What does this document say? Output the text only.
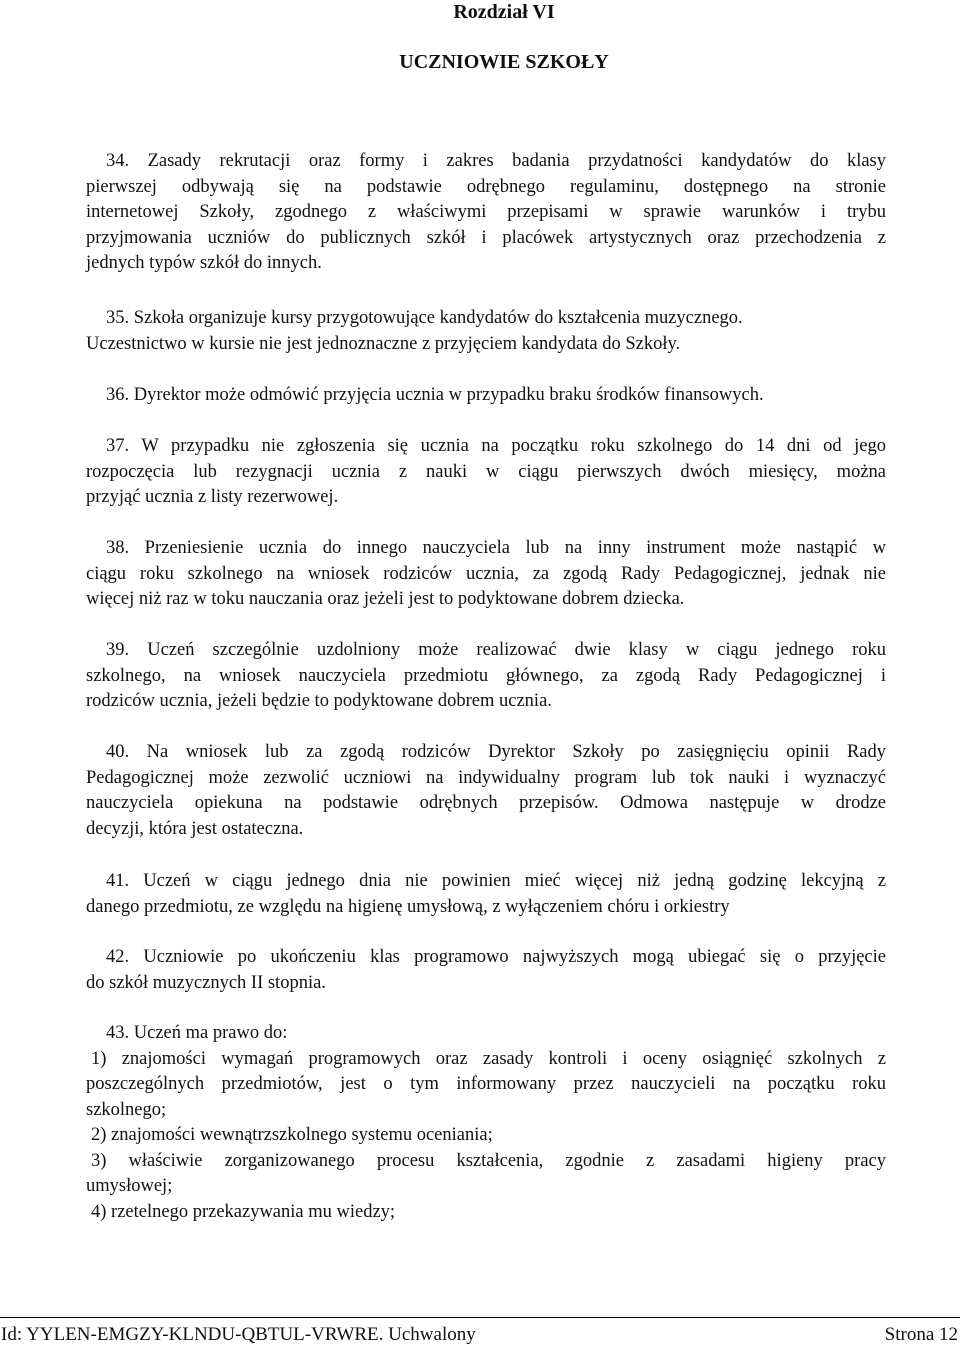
Rozdział VI
UCZNIOWIE SZKOŁY
34. Zasady rekrutacji oraz formy i zakres badania przydatności kandydatów do klasy
pierwszej odbywają się na podstawie odrębnego regulaminu, dostępnego na stronie
internetowej Szkoły, zgodnego z właściwymi przepisami w sprawie warunków i trybu
przyjmowania uczniów do publicznych szkół i placówek artystycznych oraz przechodzenia z
jednych typów szkół do innych.
35. Szkoła organizuje kursy przygotowujące kandydatów do kształcenia muzycznego.
Uczestnictwo w kursie nie jest jednoznaczne z przyjęciem kandydata do Szkoły.
36. Dyrektor może odmówić przyjęcia ucznia w przypadku braku środków finansowych.
37. W przypadku nie zgłoszenia się ucznia na początku roku szkolnego do 14 dni od jego
rozpoczęcia lub rezygnacji ucznia z nauki w ciągu pierwszych dwóch miesięcy, można
przyjąć ucznia z listy rezerwowej.
38. Przeniesienie ucznia do innego nauczyciela lub na inny instrument może nastąpić w
ciągu roku szkolnego na wniosek rodziców ucznia, za zgodą Rady Pedagogicznej, jednak nie
więcej niż raz w toku nauczania oraz jeżeli jest to podyktowane dobrem dziecka.
39. Uczeń szczególnie uzdolniony może realizować dwie klasy w ciągu jednego roku
szkolnego, na wniosek nauczyciela przedmiotu głównego, za zgodą Rady Pedagogicznej i
rodziców ucznia, jeżeli będzie to podyktowane dobrem ucznia.
40. Na wniosek lub za zgodą rodziców Dyrektor Szkoły po zasięgnięciu opinii Rady
Pedagogicznej może zezwolić uczniowi na indywidualny program lub tok nauki i wyznaczyć
nauczyciela opiekuna na podstawie odrębnych przepisów. Odmowa następuje w drodze
decyzji, która jest ostateczna.
41. Uczeń w ciągu jednego dnia nie powinien mieć więcej niż jedną godzinę lekcyjną z
danego przedmiotu, ze względu na higienę umysłową, z wyłączeniem chóru i orkiestry
42. Uczniowie po ukończeniu klas programowo najwyższych mogą ubiegać się o przyjęcie
do szkół muzycznych II stopnia.
43. Uczeń ma prawo do:
1) znajomości wymagań programowych oraz zasady kontroli i oceny osiągnięć szkolnych z
poszczególnych przedmiotów, jest o tym informowany przez nauczycieli na początku roku
szkolnego;
2) znajomości wewnątrzszkolnego systemu oceniania;
3) właściwie zorganizowanego procesu kształcenia, zgodnie z zasadami higieny pracy
umysłowej;
4) rzetelnego przekazywania mu wiedzy;
Id: YYLEN-EMGZY-KLNDU-QBTUL-VRWRE. Uchwalony	Strona 12
